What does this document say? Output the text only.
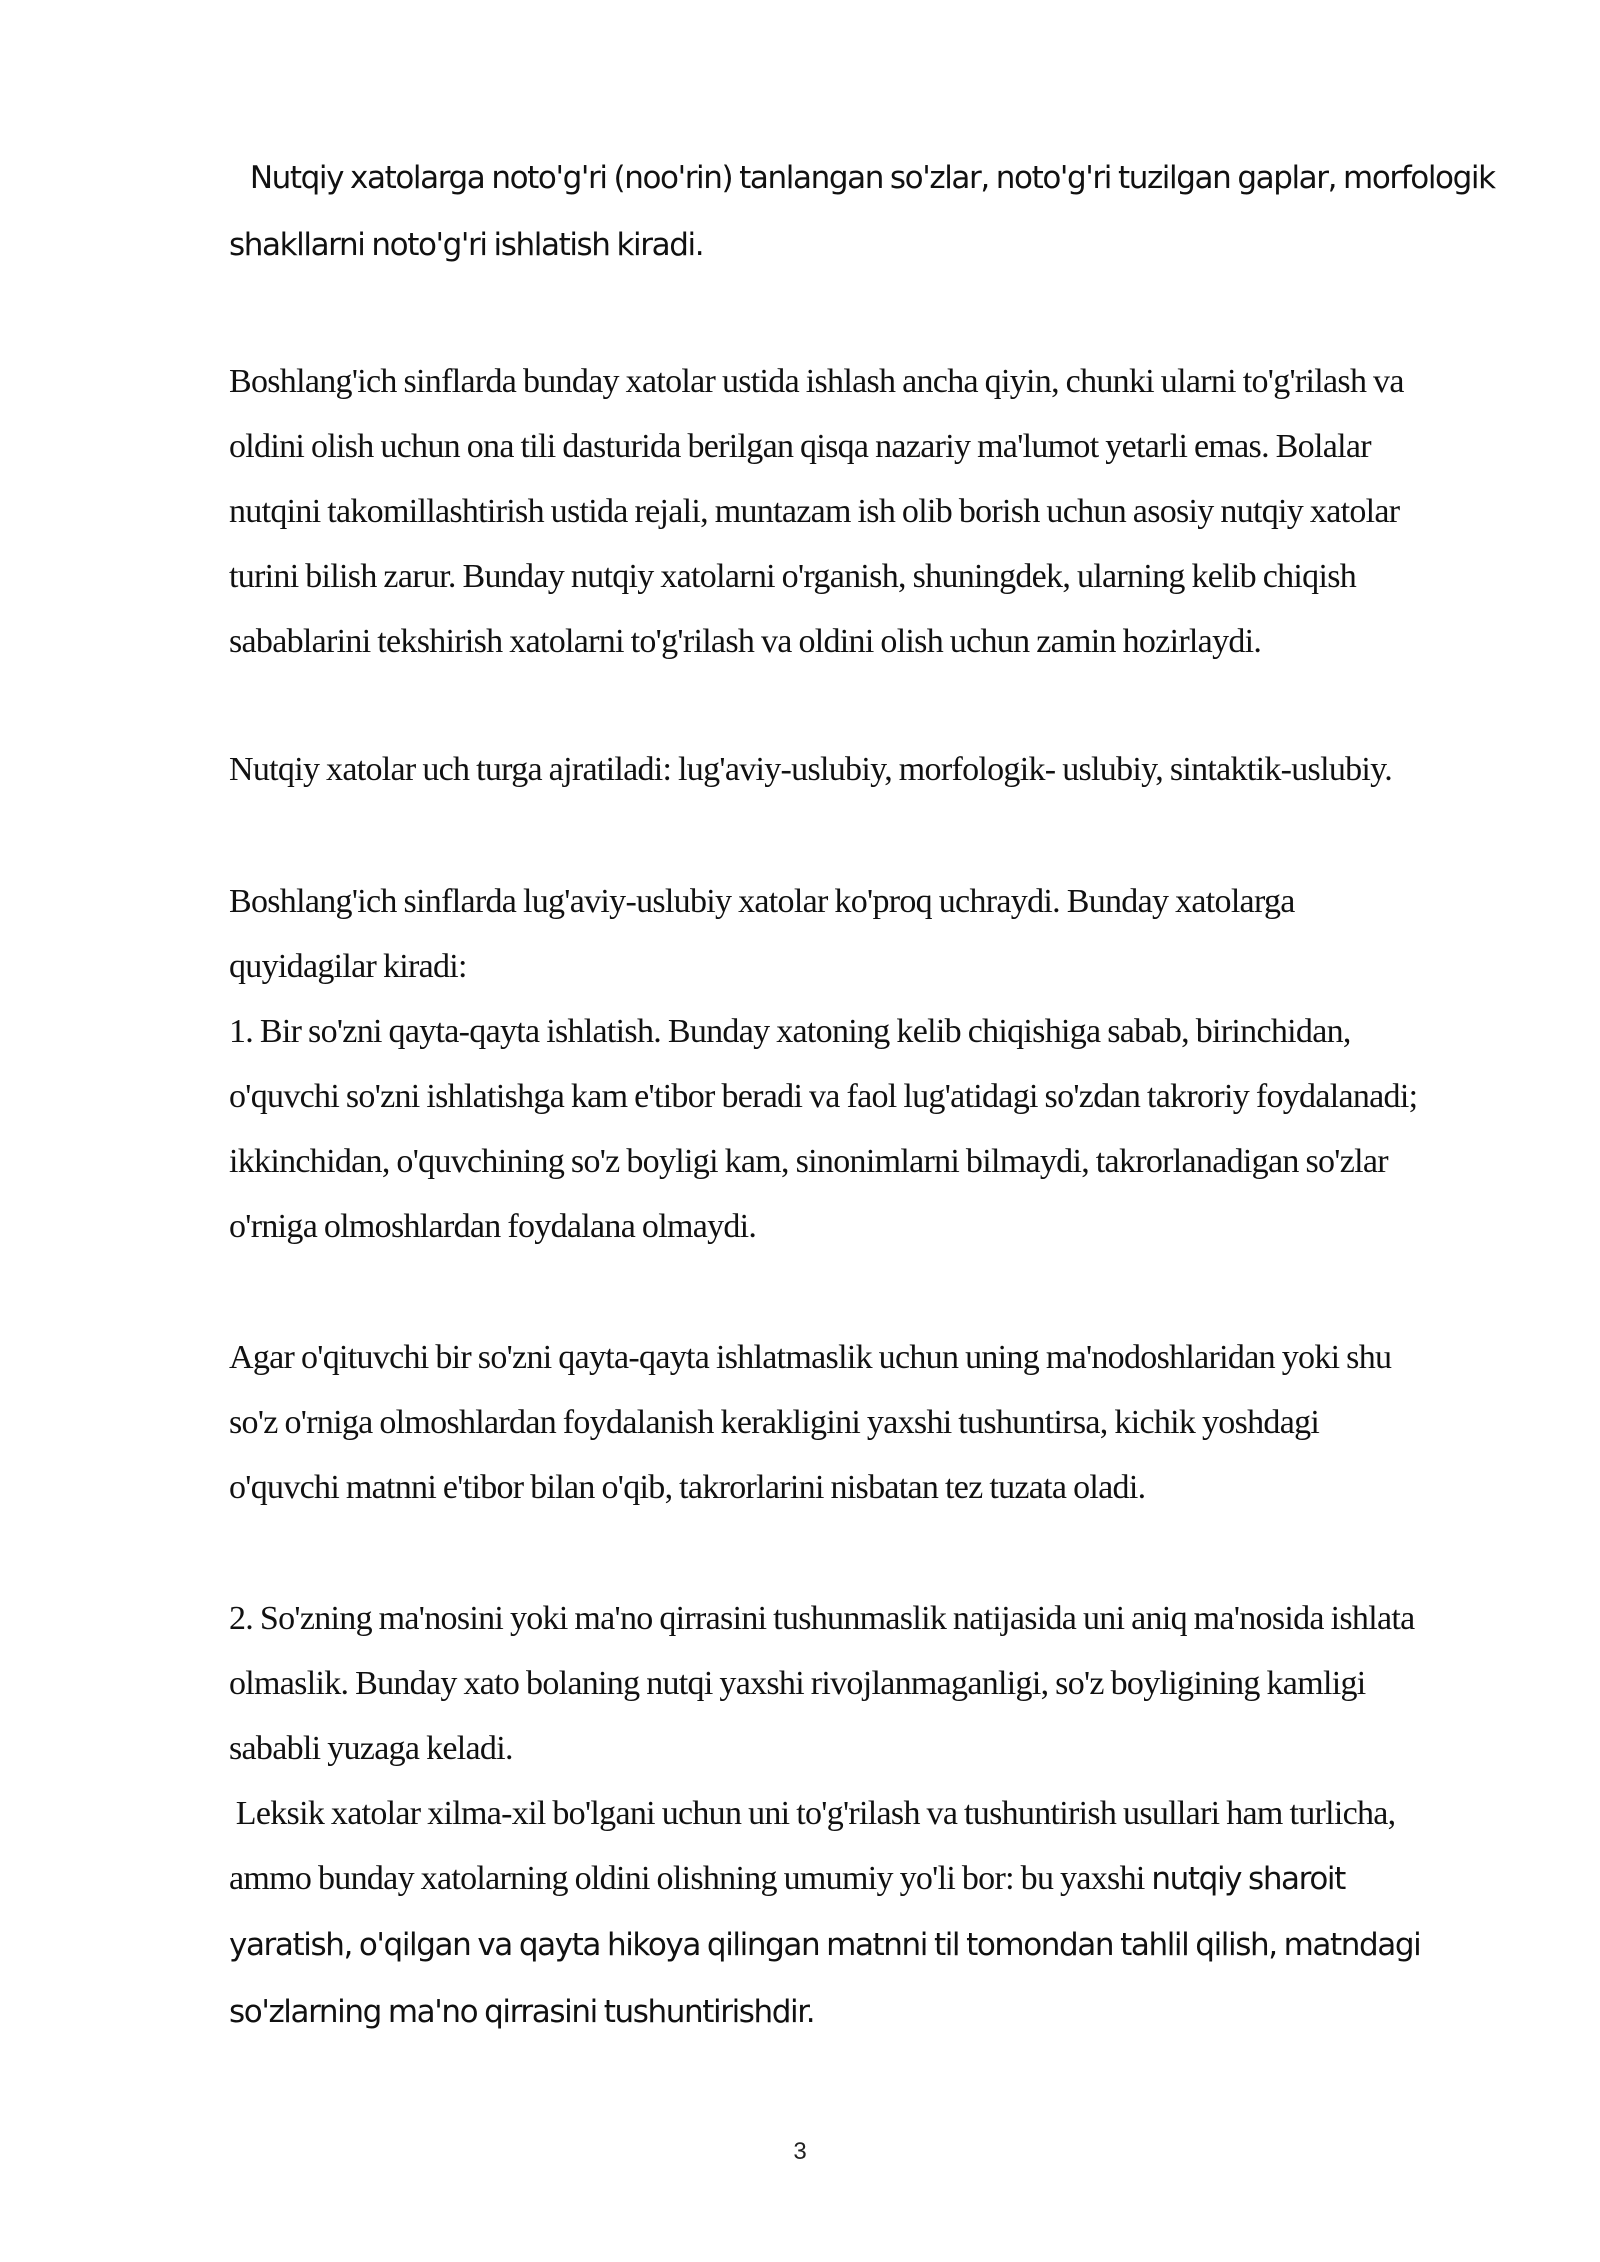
Nutqiy xatolarga noto'g'ri (noo'rin) tanlangan so'zlar, noto'g'ri tuzilgan gaplar, morfologik
shakllarni noto'g'ri ishlatish kiradi.
Boshlang'ich sinflarda bunday xatolar ustida ishlash ancha qiyin, chunki ularni to'g'rilash va
oldini olish uchun ona tili dasturida berilgan qisqa nazariy ma'lumot yetarli emas. Bolalar
nutqini takomillashtirish ustida rejali, muntazam ish olib borish uchun asosiy nutqiy xatolar
turini bilish zarur. Bunday nutqiy xatolarni o'rganish, shuningdek, ularning kelib chiqish
sabablarini tekshirish xatolarni to'g'rilash va oldini olish uchun zamin hozirlaydi.
Nutqiy xatolar uch turga ajratiladi: lug'aviy-uslubiy, morfologik- uslubiy, sintaktik-uslubiy.
Boshlang'ich sinflarda lug'aviy-uslubiy xatolar ko'proq uchraydi. Bunday xatolarga
quyidagilar kiradi:
1. Bir so'zni qayta-qayta ishlatish. Bunday xatoning kelib chiqishiga sabab, birinchidan,
o'quvchi so'zni ishlatishga kam e'tibor beradi va faol lug'atidagi so'zdan takroriy foydalanadi;
ikkinchidan, o'quvchining so'z boyligi kam, sinonimlarni bilmaydi, takrorlanadigan so'zlar
o'rniga olmoshlardan foydalana olmaydi.
Agar o'qituvchi bir so'zni qayta-qayta ishlatmaslik uchun uning ma'nodoshlaridan yoki shu
so'z o'rniga olmoshlardan foydalanish kerakligini yaxshi tushuntirsa, kichik yoshdagi
o'quvchi matnni e'tibor bilan o'qib, takrorlarini nisbatan tez tuzata oladi.
2. So'zning ma'nosini yoki ma'no qirrasini tushunmaslik natijasida uni aniq ma'nosida ishlata
olmaslik. Bunday xato bolaning nutqi yaxshi rivojlanmaganligi, so'z boyligining kamligi
sababli yuzaga keladi.
Leksik xatolar xilma-xil bo'lgani uchun uni to'g'rilash va tushuntirish usullari ham turlicha,
ammo bunday xatolarning oldini olishning umumiy yo'li bor: bu yaxshi nutqiy sharoit
yaratish, o'qilgan va qayta hikoya qilingan matnni til tomondan tahlil qilish, matndagi
so'zlarning ma'no qirrasini tushuntirishdir.
3
